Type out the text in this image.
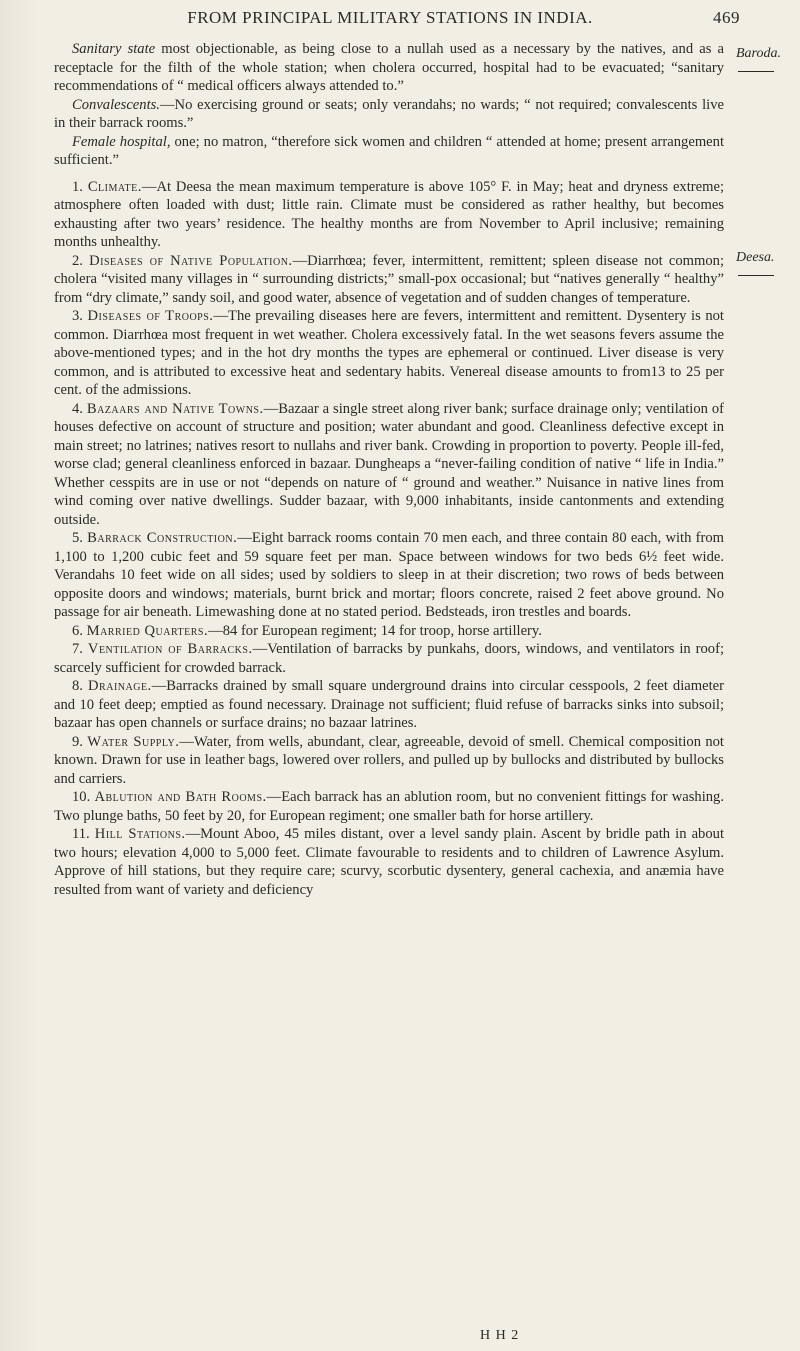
FROM PRINCIPAL MILITARY STATIONS IN INDIA.	469
Baroda.
Deesa.

Sanitary state most objectionable, as being close to a nullah used as a necessary by the natives, and as a receptacle for the filth of the whole station; when cholera occurred, hospital had to be evacuated; “sanitary recommendations of “ medical officers always attended to.”

Convalescents.—No exercising ground or seats; only verandahs; no wards; “ not required; convalescents live in their barrack rooms.”

Female hospital, one; no matron, “therefore sick women and children “ attended at home; present arrangement sufficient.”

1. Climate.—At Deesa the mean maximum temperature is above 105° F. in May; heat and dryness extreme; atmosphere often loaded with dust; little rain. Climate must be considered as rather healthy, but becomes exhausting after two years’ residence. The healthy months are from November to April inclusive; remaining months unhealthy.

2. Diseases of Native Population.—Diarrhœa; fever, intermittent, remittent; spleen disease not common; cholera “visited many villages in “ surrounding districts;” small-pox occasional; but “natives generally “ healthy” from “dry climate,” sandy soil, and good water, absence of vegetation and of sudden changes of temperature.

3. Diseases of Troops.—The prevailing diseases here are fevers, intermittent and remittent. Dysentery is not common. Diarrhœa most frequent in wet weather. Cholera excessively fatal. In the wet seasons fevers assume the above-mentioned types; and in the hot dry months the types are ephemeral or continued. Liver disease is very common, and is attributed to excessive heat and sedentary habits. Venereal disease amounts to from13 to 25 per cent. of the admissions.

4. Bazaars and Native Towns.—Bazaar a single street along river bank; surface drainage only; ventilation of houses defective on account of structure and position; water abundant and good. Cleanliness defective except in main street; no latrines; natives resort to nullahs and river bank. Crowding in proportion to poverty. People ill-fed, worse clad; general cleanliness enforced in bazaar. Dungheaps a “never-failing condition of native “ life in India.” Whether cesspits are in use or not “depends on nature of “ ground and weather.” Nuisance in native lines from wind coming over native dwellings. Sudder bazaar, with 9,000 inhabitants, inside cantonments and extending outside.

5. Barrack Construction.—Eight barrack rooms contain 70 men each, and three contain 80 each, with from 1,100 to 1,200 cubic feet and 59 square feet per man. Space between windows for two beds 6½ feet wide. Verandahs 10 feet wide on all sides; used by soldiers to sleep in at their discretion; two rows of beds between opposite doors and windows; materials, burnt brick and mortar; floors concrete, raised 2 feet above ground. No passage for air beneath. Limewashing done at no stated period. Bedsteads, iron trestles and boards.

6. Married Quarters.—84 for European regiment; 14 for troop, horse artillery.

7. Ventilation of Barracks.—Ventilation of barracks by punkahs, doors, windows, and ventilators in roof; scarcely sufficient for crowded barrack.

8. Drainage.—Barracks drained by small square underground drains into circular cesspools, 2 feet diameter and 10 feet deep; emptied as found necessary. Drainage not sufficient; fluid refuse of barracks sinks into subsoil; bazaar has open channels or surface drains; no bazaar latrines.

9. Water Supply.—Water, from wells, abundant, clear, agreeable, devoid of smell. Chemical composition not known. Drawn for use in leather bags, lowered over rollers, and pulled up by bullocks and distributed by bullocks and carriers.

10. Ablution and Bath Rooms.—Each barrack has an ablution room, but no convenient fittings for washing. Two plunge baths, 50 feet by 20, for European regiment; one smaller bath for horse artillery.

11. Hill Stations.—Mount Aboo, 45 miles distant, over a level sandy plain. Ascent by bridle path in about two hours; elevation 4,000 to 5,000 feet. Climate favourable to residents and to children of Lawrence Asylum. Approve of hill stations, but they require care; scurvy, scorbutic dysentery, general cachexia, and anæmia have resulted from want of variety and deficiency

H H 2
